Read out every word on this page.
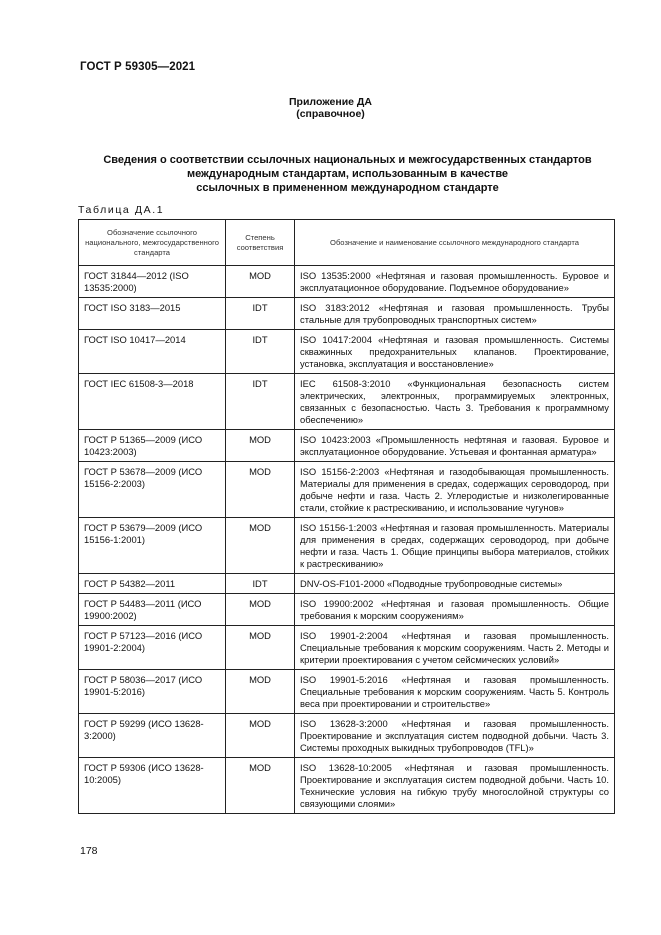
ГОСТ Р 59305—2021
Приложение ДА
(справочное)
Сведения о соответствии ссылочных национальных и межгосударственных стандартов
международным стандартам, использованным в качестве
ссылочных в примененном международном стандарте
Таблица ДА.1
Обозначение ссылочного национального, межгосударственного стандарта	Степень соответствия	Обозначение и наименование ссылочного международного стандарта
ГОСТ 31844—2012 (ISO 13535:2000)	MOD	ISO 13535:2000 «Нефтяная и газовая промышленность. Буровое и эксплуатационное оборудование. Подъемное оборудование»
ГОСТ ISO 3183—2015	IDT	ISO 3183:2012 «Нефтяная и газовая промышленность. Трубы стальные для трубопроводных транспортных систем»
ГОСТ ISO 10417—2014	IDT	ISO 10417:2004 «Нефтяная и газовая промышленность. Системы скважинных предохранительных клапанов. Проектирование, установка, эксплуатация и восстановление»
ГОСТ IEC 61508-3—2018	IDT	IEC 61508-3:2010 «Функциональная безопасность систем электрических, электронных, программируемых электронных, связанных с безопасностью. Часть 3. Требования к программному обеспечению»
ГОСТ Р 51365—2009 (ИСО 10423:2003)	MOD	ISO 10423:2003 «Промышленность нефтяная и газовая. Буровое и эксплуатационное оборудование. Устьевая и фонтанная арматура»
ГОСТ Р 53678—2009 (ИСО 15156-2:2003)	MOD	ISO 15156-2:2003 «Нефтяная и газодобывающая промышленность. Материалы для применения в средах, содержащих сероводород, при добыче нефти и газа. Часть 2. Углеродистые и низколегированные стали, стойкие к растрескиванию, и использование чугунов»
ГОСТ Р 53679—2009 (ИСО 15156-1:2001)	MOD	ISO 15156-1:2003 «Нефтяная и газовая промышленность. Материалы для применения в средах, содержащих сероводород, при добыче нефти и газа. Часть 1. Общие принципы выбора материалов, стойких к растрескиванию»
ГОСТ Р 54382—2011	IDT	DNV-OS-F101-2000 «Подводные трубопроводные системы»
ГОСТ Р 54483—2011 (ИСО 19900:2002)	MOD	ISO 19900:2002 «Нефтяная и газовая промышленность. Общие требования к морским сооружениям»
ГОСТ Р 57123—2016 (ИСО 19901-2:2004)	MOD	ISO 19901-2:2004 «Нефтяная и газовая промышленность. Специальные требования к морским сооружениям. Часть 2. Методы и критерии проектирования с учетом сейсмических условий»
ГОСТ Р 58036—2017 (ИСО 19901-5:2016)	MOD	ISO 19901-5:2016 «Нефтяная и газовая промышленность. Специальные требования к морским сооружениям. Часть 5. Контроль веса при проектировании и строительстве»
ГОСТ Р 59299 (ИСО 13628-3:2000)	MOD	ISO 13628-3:2000 «Нефтяная и газовая промышленность. Проектирование и эксплуатация систем подводной добычи. Часть 3. Системы проходных выкидных трубопроводов (TFL)»
ГОСТ Р 59306 (ИСО 13628-10:2005)	MOD	ISO 13628-10:2005 «Нефтяная и газовая промышленность. Проектирование и эксплуатация систем подводной добычи. Часть 10. Технические условия на гибкую трубу многослойной структуры со связующими слоями»
178
